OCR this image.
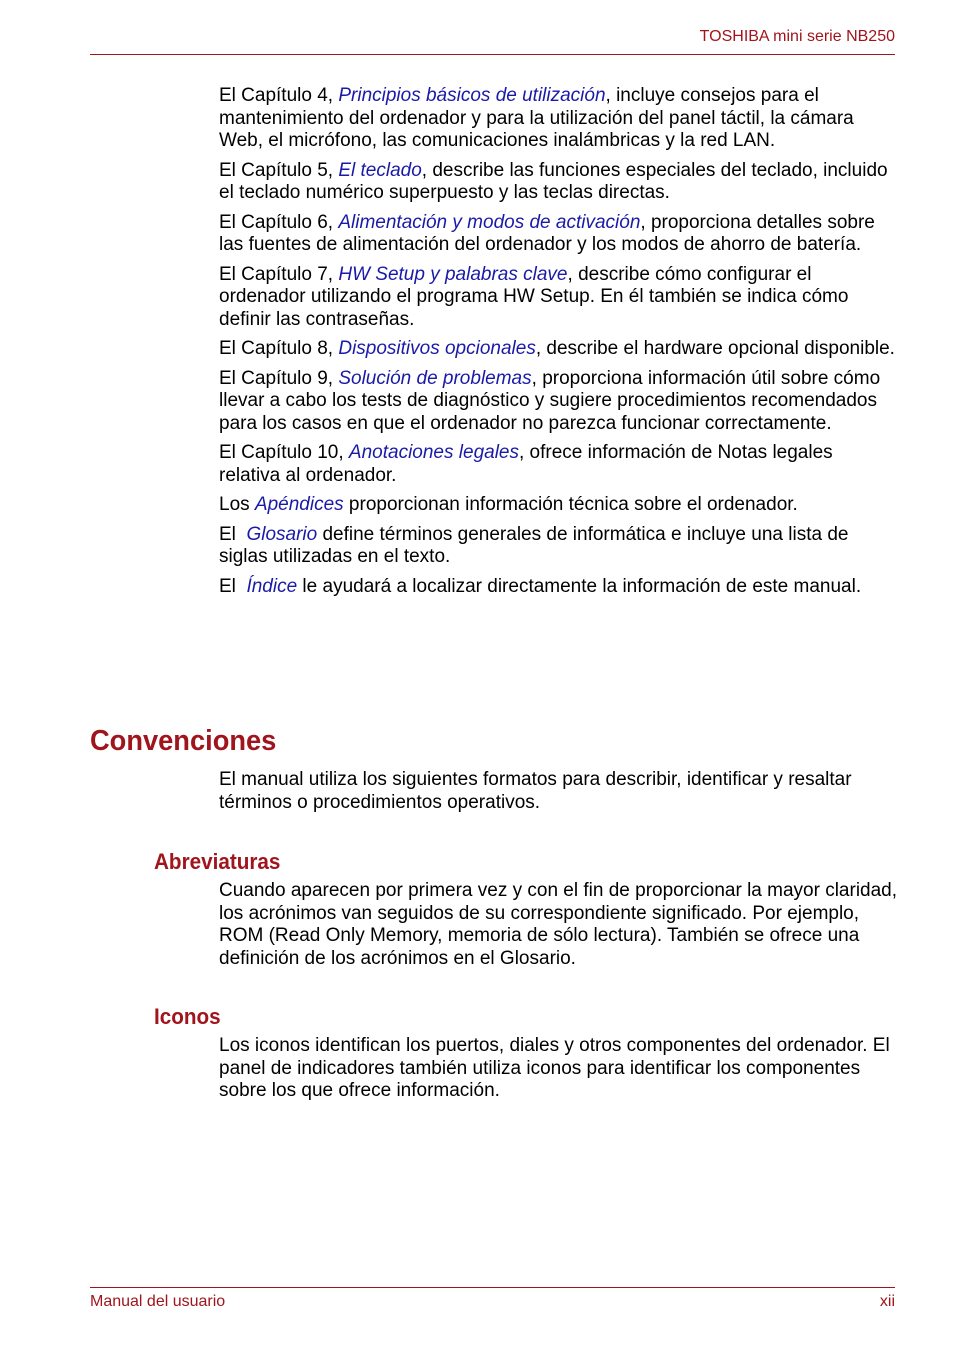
TOSHIBA mini serie NB250

El Capítulo 4, Principios básicos de utilización, incluye consejos para el mantenimiento del ordenador y para la utilización del panel táctil, la cámara Web, el micrófono, las comunicaciones inalámbricas y la red LAN.

El Capítulo 5, El teclado, describe las funciones especiales del teclado, incluido el teclado numérico superpuesto y las teclas directas.

El Capítulo 6, Alimentación y modos de activación, proporciona detalles sobre las fuentes de alimentación del ordenador y los modos de ahorro de batería.

El Capítulo 7, HW Setup y palabras clave, describe cómo configurar el ordenador utilizando el programa HW Setup. En él también se indica cómo definir las contraseñas.

El Capítulo 8, Dispositivos opcionales, describe el hardware opcional disponible.

El Capítulo 9, Solución de problemas, proporciona información útil sobre cómo llevar a cabo los tests de diagnóstico y sugiere procedimientos recomendados para los casos en que el ordenador no parezca funcionar correctamente.

El Capítulo 10, Anotaciones legales, ofrece información de Notas legales relativa al ordenador.

Los Apéndices proporcionan información técnica sobre el ordenador.

El  Glosario define términos generales de informática e incluye una lista de siglas utilizadas en el texto.

El  Índice le ayudará a localizar directamente la información de este manual.

Convenciones

El manual utiliza los siguientes formatos para describir, identificar y resaltar términos o procedimientos operativos.

Abreviaturas

Cuando aparecen por primera vez y con el fin de proporcionar la mayor claridad, los acrónimos van seguidos de su correspondiente significado. Por ejemplo, ROM (Read Only Memory, memoria de sólo lectura). También se ofrece una definición de los acrónimos en el Glosario.

Iconos

Los iconos identifican los puertos, diales y otros componentes del ordenador. El panel de indicadores también utiliza iconos para identificar los componentes sobre los que ofrece información.

Manual del usuario	xii
